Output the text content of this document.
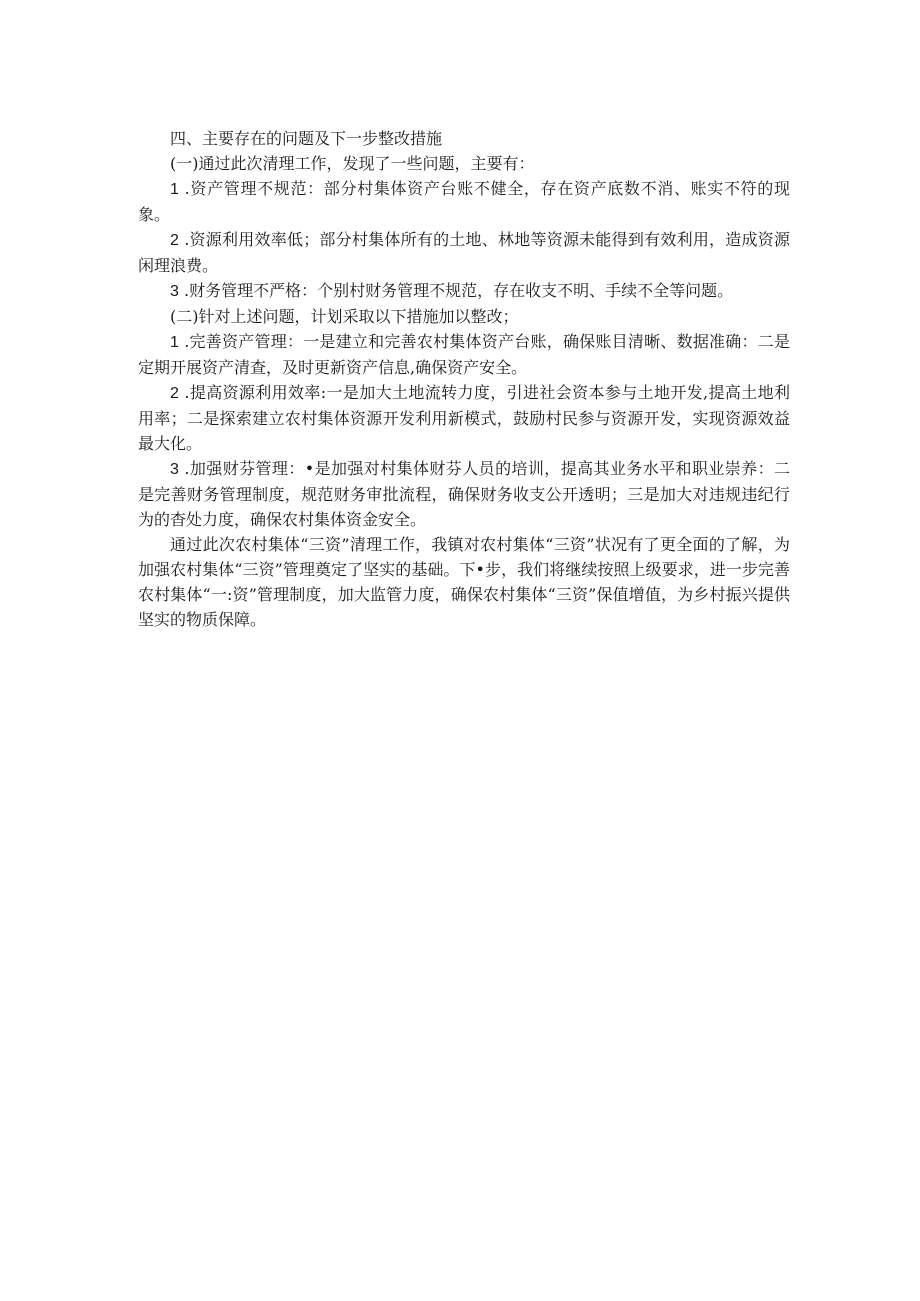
四、主要存在的问题及下一步整改措施

(一)通过此次清理工作，发现了一些问题，主要有：

1 .资产管理不规范：部分村集体资产台账不健全，存在资产底数不消、账实不符的现象。

2 .资源利用效率低；部分村集体所有的土地、林地等资源未能得到有效利用，造成资源闲理浪费。

3 .财务管理不严格：个别村财务管理不规范，存在收支不明、手续不全等问题。

(二)针对上述问题，计划采取以下措施加以整改；

1 .完善资产管理：一是建立和完善农村集体资产台账，确保账目清晰、数据准确：二是定期开展资产清查，及时更新资产信息,确保资产安全。

2 .提高资源利用效率:一是加大土地流转力度，引进社会资本参与土地开发,提高土地利用率；二是探索建立农村集体资源开发利用新模式，鼓励村民参与资源开发，实现资源效益最大化。

3 .加强财芬管理：•是加强对村集体财芬人员的培训，提高其业务水平和职业崇养：二是完善财务管理制度，规范财务审批流程，确保财务收支公开透明；三是加大对违规违纪行为的杳处力度，确保农村集体资金安全。

通过此次农村集体“三资”清理工作，我镇对农村集体“三资”状况有了更全面的了解，为加强农村集体“三资”管理奠定了坚实的基础。下•步，我们将继续按照上级要求，进一步完善农村集体“一:资”管理制度，加大监管力度，确保农村集体“三资”保值增值，为乡村振兴提供坚实的物质保障。
